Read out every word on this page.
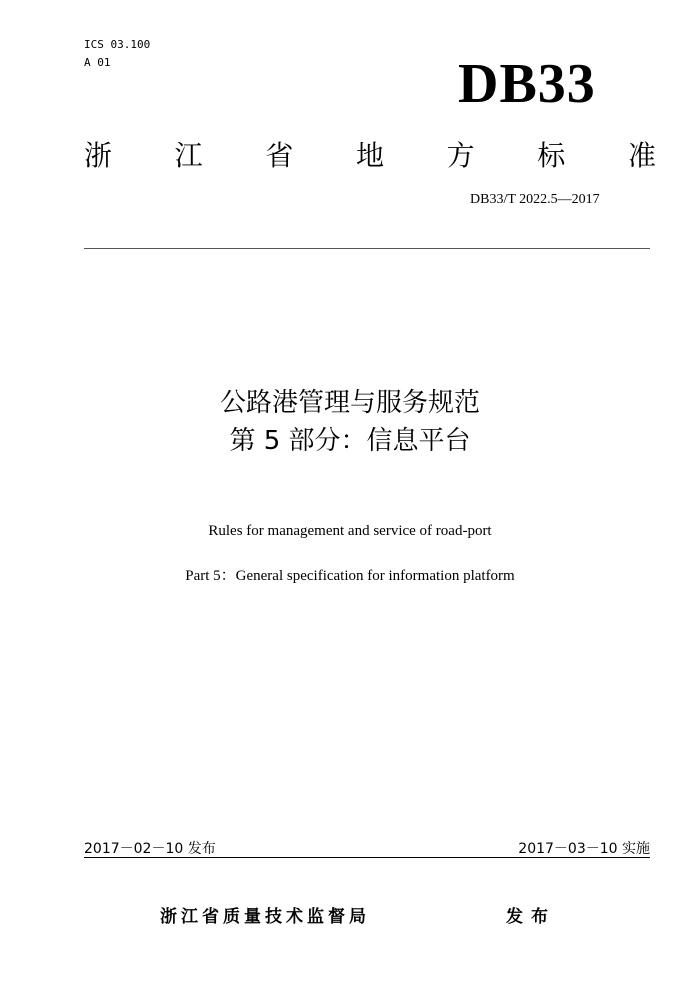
ICS 03.100
A 01	DB33
浙 江 省 地 方 标 准
DB33/T 2022.5—2017
公路港管理与服务规范
第 5 部分：信息平台
Rules for management and service of road-port
Part 5：General specification for information platform
2017－02－10 发布	2017－03－10 实施
浙江省质量技术监督局	发布
